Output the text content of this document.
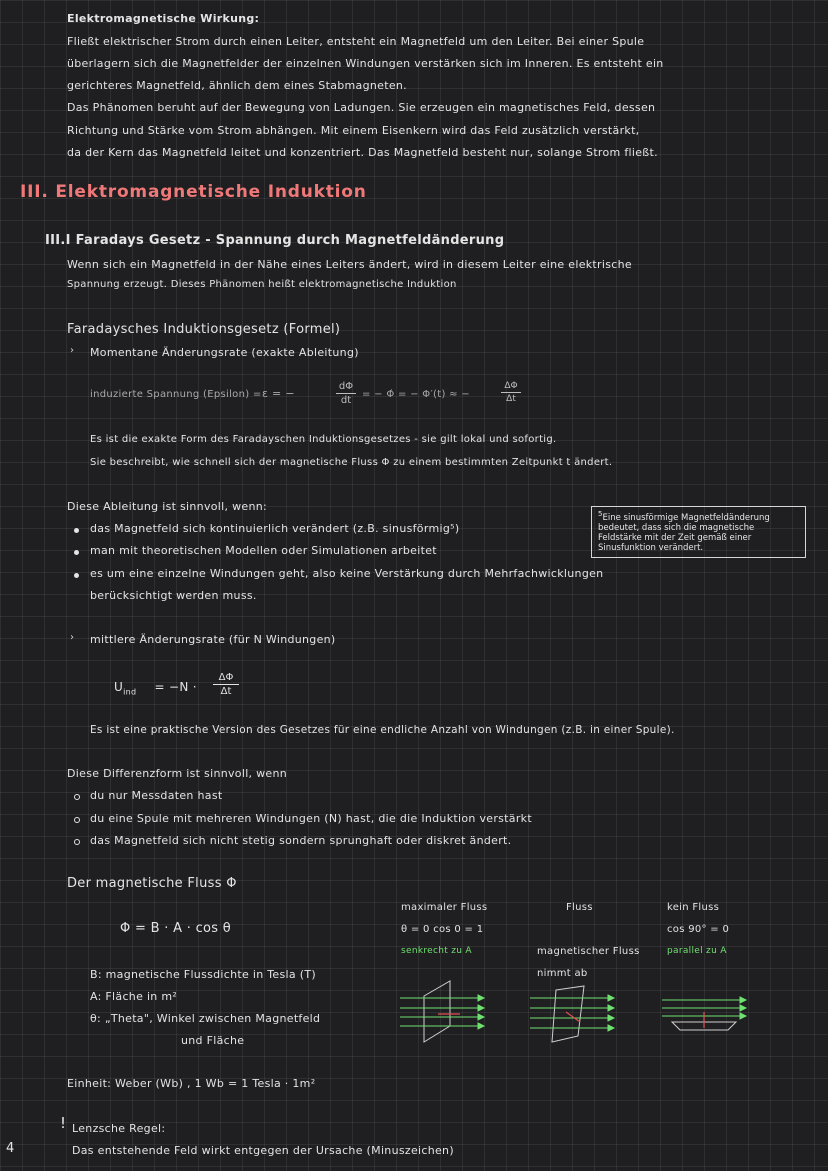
Elektromagnetische Wirkung:
Fließt elektrischer Strom durch einen Leiter, entsteht ein Magnetfeld um den Leiter. Bei einer Spule
überlagern sich die Magnetfelder der einzelnen Windungen verstärken sich im Inneren. Es entsteht ein
gerichteres Magnetfeld, ähnlich dem eines Stabmagneten.
Das Phänomen beruht auf der Bewegung von Ladungen. Sie erzeugen ein magnetisches Feld, dessen
Richtung und Stärke vom Strom abhängen. Mit einem Eisenkern wird das Feld zusätzlich verstärkt,
da der Kern das Magnetfeld leitet und konzentriert. Das Magnetfeld besteht nur, solange Strom fließt.
III. Elektromagnetische Induktion
III.I Faradays Gesetz - Spannung durch Magnetfeldänderung
Wenn sich ein Magnetfeld in der Nähe eines Leiters ändert, wird in diesem Leiter eine elektrische
Spannung erzeugt. Dieses Phänomen heißt elektromagnetische Induktion
Faradaysches Induktionsgesetz (Formel)
› Momentane Änderungsrate (exakte Ableitung)
induzierte Spannung (Epsilon) = ε = −
dΦ
dt
= − Φ̇ = − Φ′(t) ≈ −
ΔΦ
Δt
Es ist die exakte Form des Faradayschen Induktionsgesetzes - sie gilt lokal und sofortig.
Sie beschreibt, wie schnell sich der magnetische Fluss Φ zu einem bestimmten Zeitpunkt t ändert.
Diese Ableitung ist sinnvoll, wenn:
das Magnetfeld sich kontinuierlich verändert (z.B. sinusförmig⁵)
man mit theoretischen Modellen oder Simulationen arbeitet
es um eine einzelne Windungen geht, also keine Verstärkung durch Mehrfachwicklungen
berücksichtigt werden muss.
$^5$Eine sinusförmige Magnetfeldänderung bedeutet, dass sich die magnetische Feldstärke mit der Zeit gemäß einer Sinusfunktion verändert.
› mittlere Änderungsrate (für N Windungen)
$U_{ind} = -N$ ·
ΔΦ
Δt
Es ist eine praktische Version des Gesetzes für eine endliche Anzahl von Windungen (z.B. in einer Spule).
Diese Differenzform ist sinnvoll, wenn
du nur Messdaten hast
du eine Spule mit mehreren Windungen (N) hast, die die Induktion verstärkt
das Magnetfeld sich nicht stetig sondern sprunghaft oder diskret ändert.
Der magnetische Fluss Φ
Φ = B · A · cos θ
B: magnetische Flussdichte in Tesla (T)
A: Fläche in m²
θ: „Theta", Winkel zwischen Magnetfeld
und Fläche
Einheit: Weber (Wb) , 1 Wb = 1 Tesla · 1m²
maximaler Fluss
θ = 0 cos 0 = 1
senkrecht zu A
Fluss
magnetischer Fluss
nimmt ab
kein Fluss
cos 90° = 0
parallel zu A
! Lenzsche Regel:
Das entstehende Feld wirkt entgegen der Ursache (Minuszeichen)
4
